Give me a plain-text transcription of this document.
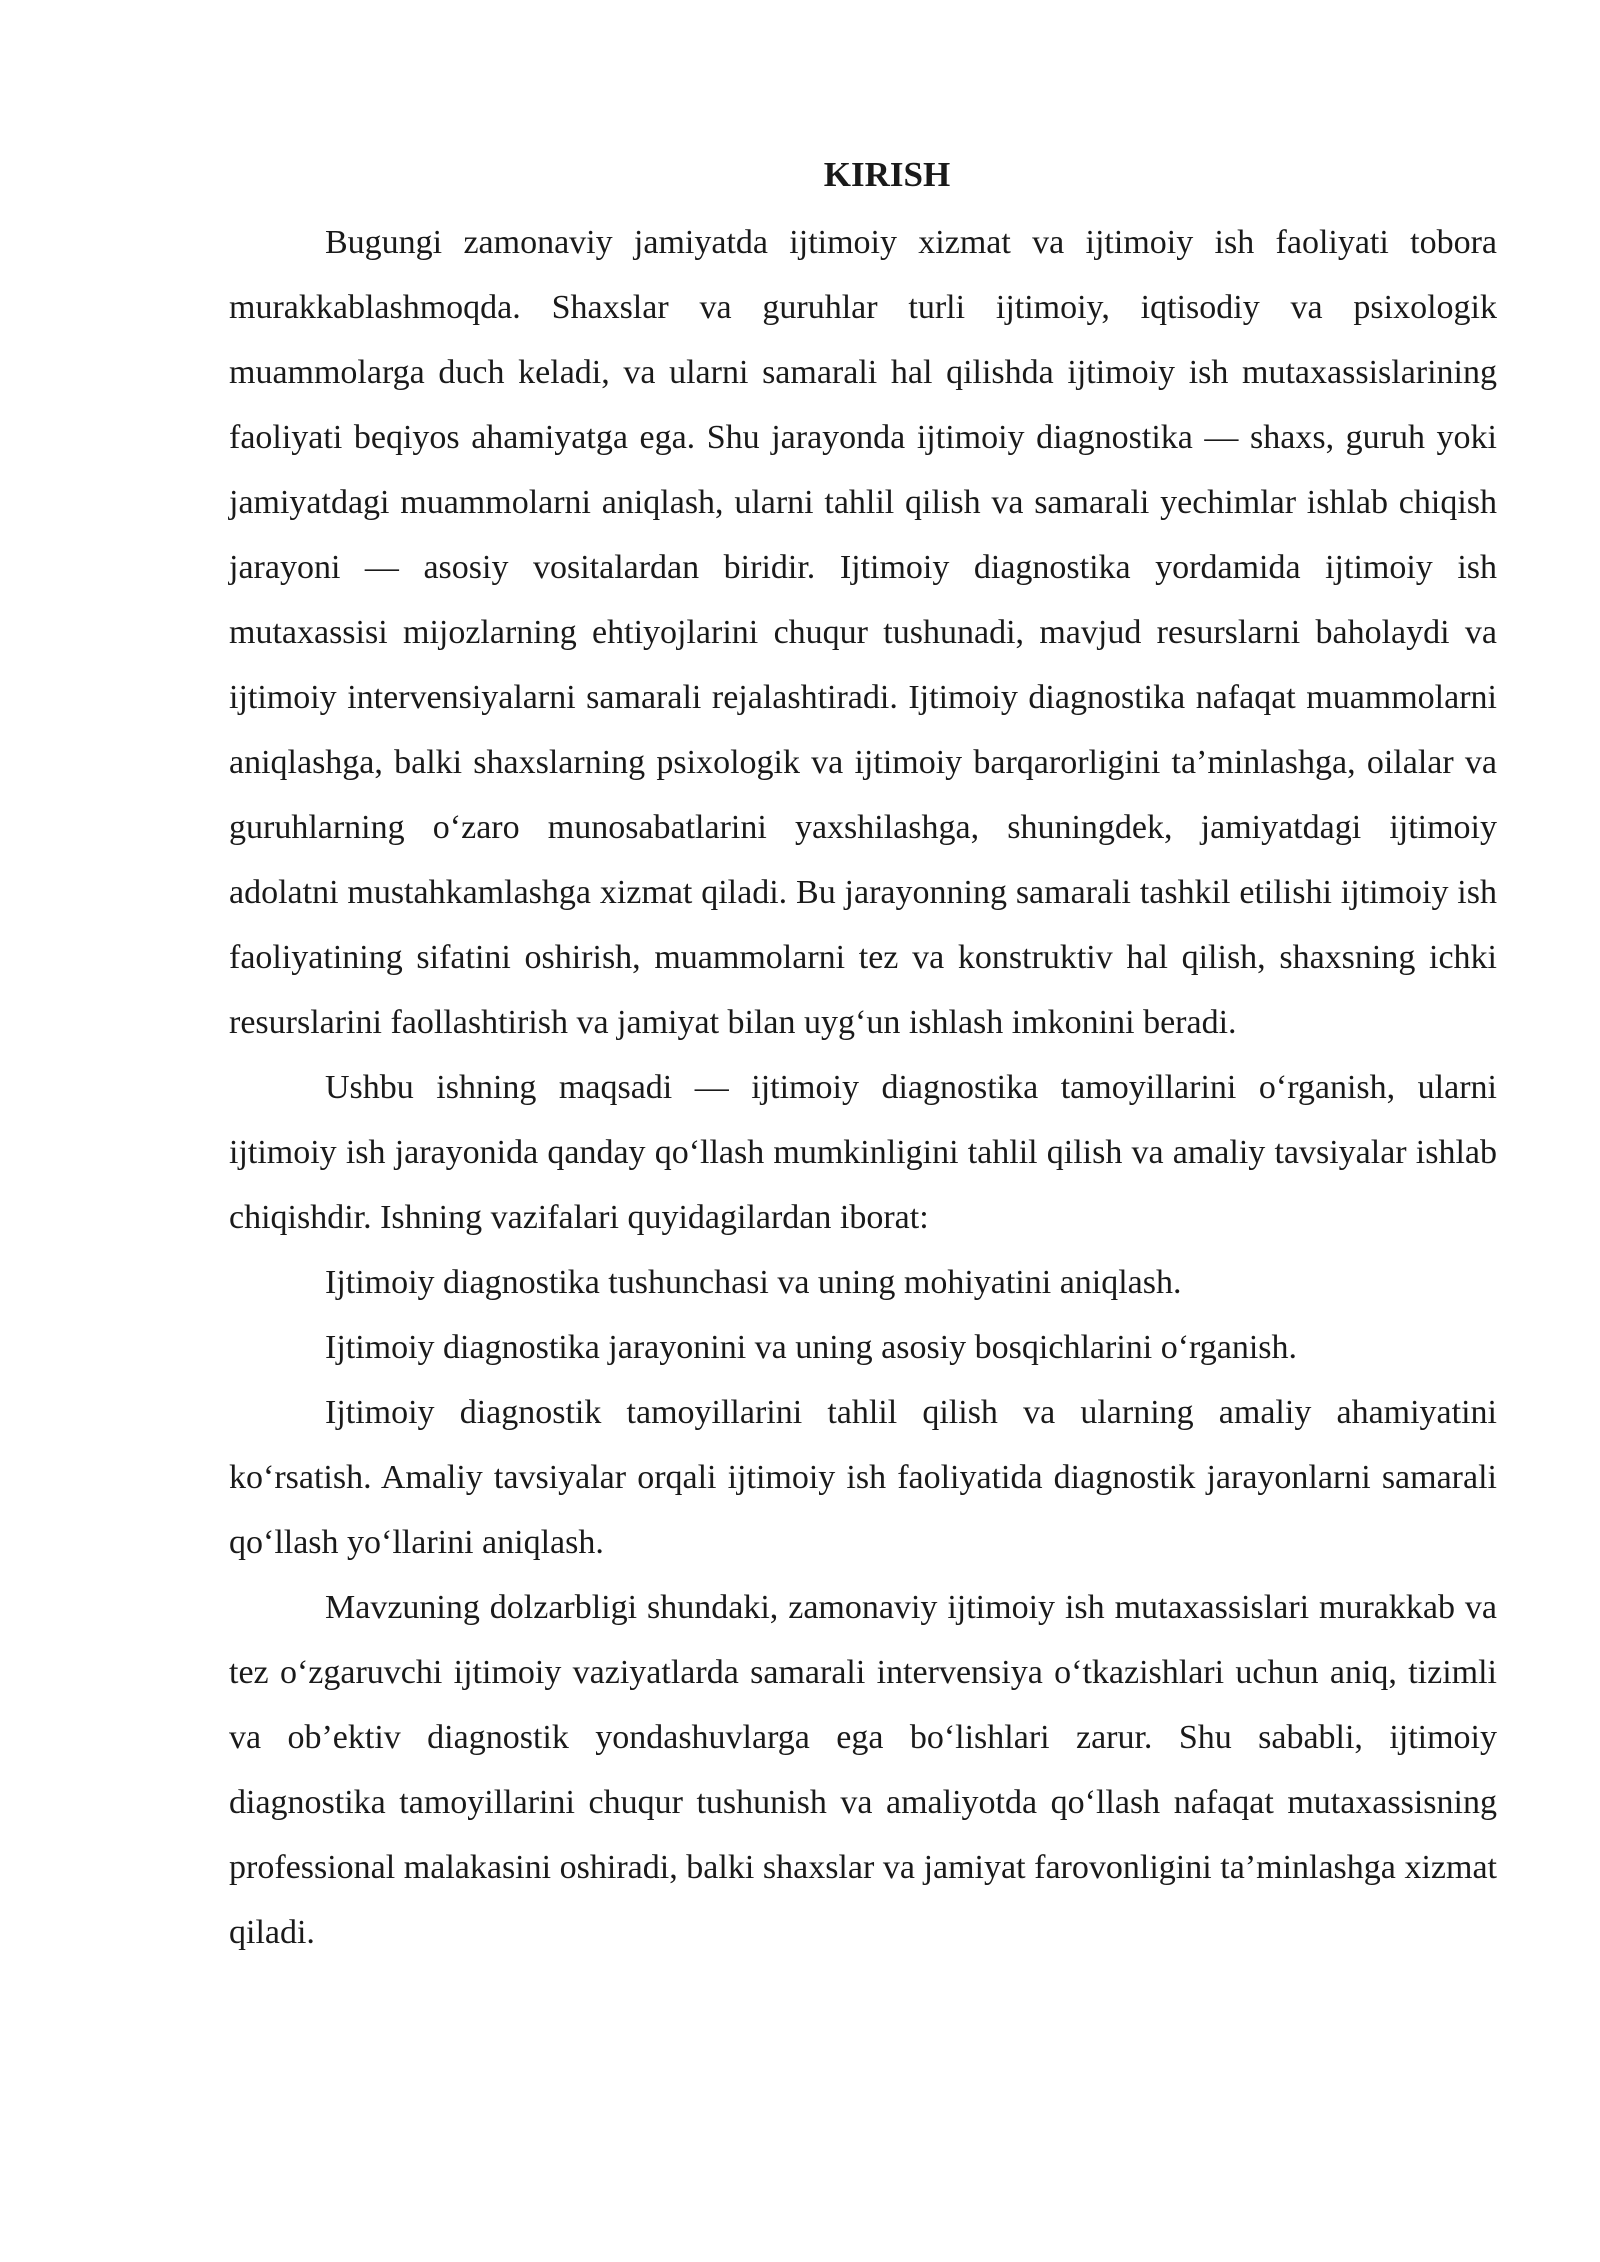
KIRISH

Bugungi zamonaviy jamiyatda ijtimoiy xizmat va ijtimoiy ish faoliyati tobora murakkablashmoqda. Shaxslar va guruhlar turli ijtimoiy, iqtisodiy va psixologik muammolarga duch keladi, va ularni samarali hal qilishda ijtimoiy ish mutaxassislarining faoliyati beqiyos ahamiyatga ega. Shu jarayonda ijtimoiy diagnostika — shaxs, guruh yoki jamiyatdagi muammolarni aniqlash, ularni tahlil qilish va samarali yechimlar ishlab chiqish jarayoni — asosiy vositalardan biridir. Ijtimoiy diagnostika yordamida ijtimoiy ish mutaxassisi mijozlarning ehtiyojlarini chuqur tushunadi, mavjud resurslarni baholaydi va ijtimoiy intervensiyalarni samarali rejalashtiradi. Ijtimoiy diagnostika nafaqat muammolarni aniqlashga, balki shaxslarning psixologik va ijtimoiy barqarorligini ta’minlashga, oilalar va guruhlarning o‘zaro munosabatlarini yaxshilashga, shuningdek, jamiyatdagi ijtimoiy adolatni mustahkamlashga xizmat qiladi. Bu jarayonning samarali tashkil etilishi ijtimoiy ish faoliyatining sifatini oshirish, muammolarni tez va konstruktiv hal qilish, shaxsning ichki resurslarini faollashtirish va jamiyat bilan uyg‘un ishlash imkonini beradi.

Ushbu ishning maqsadi — ijtimoiy diagnostika tamoyillarini o‘rganish, ularni ijtimoiy ish jarayonida qanday qo‘llash mumkinligini tahlil qilish va amaliy tavsiyalar ishlab chiqishdir. Ishning vazifalari quyidagilardan iborat:

Ijtimoiy diagnostika tushunchasi va uning mohiyatini aniqlash.

Ijtimoiy diagnostika jarayonini va uning asosiy bosqichlarini o‘rganish.

Ijtimoiy diagnostik tamoyillarini tahlil qilish va ularning amaliy ahamiyatini ko‘rsatish. Amaliy tavsiyalar orqali ijtimoiy ish faoliyatida diagnostik jarayonlarni samarali qo‘llash yo‘llarini aniqlash.

Mavzuning dolzarbligi shundaki, zamonaviy ijtimoiy ish mutaxassislari murakkab va tez o‘zgaruvchi ijtimoiy vaziyatlarda samarali intervensiya o‘tkazishlari uchun aniq, tizimli va ob’ektiv diagnostik yondashuvlarga ega bo‘lishlari zarur. Shu sababli, ijtimoiy diagnostika tamoyillarini chuqur tushunish va amaliyotda qo‘llash nafaqat mutaxassisning professional malakasini oshiradi, balki shaxslar va jamiyat farovonligini ta’minlashga xizmat qiladi.
